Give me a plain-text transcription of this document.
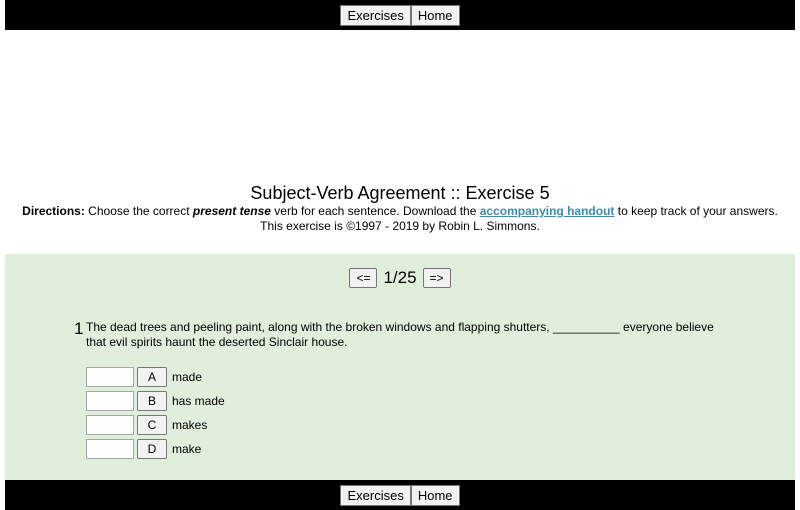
Exercises	Home
Subject-Verb Agreement :: Exercise 5
Directions: Choose the correct present tense verb for each sentence. Download the accompanying handout to keep track of your answers.
This exercise is ©1997 - 2019 by Robin L. Simmons.
<= 1/25	=>
1 The dead trees and peeling paint, along with the broken windows and flapping shutters, __________ everyone believe that evil spirits haunt the deserted Sinclair house.
A	made
B	has made
C	makes
D	make
Exercises	Home
